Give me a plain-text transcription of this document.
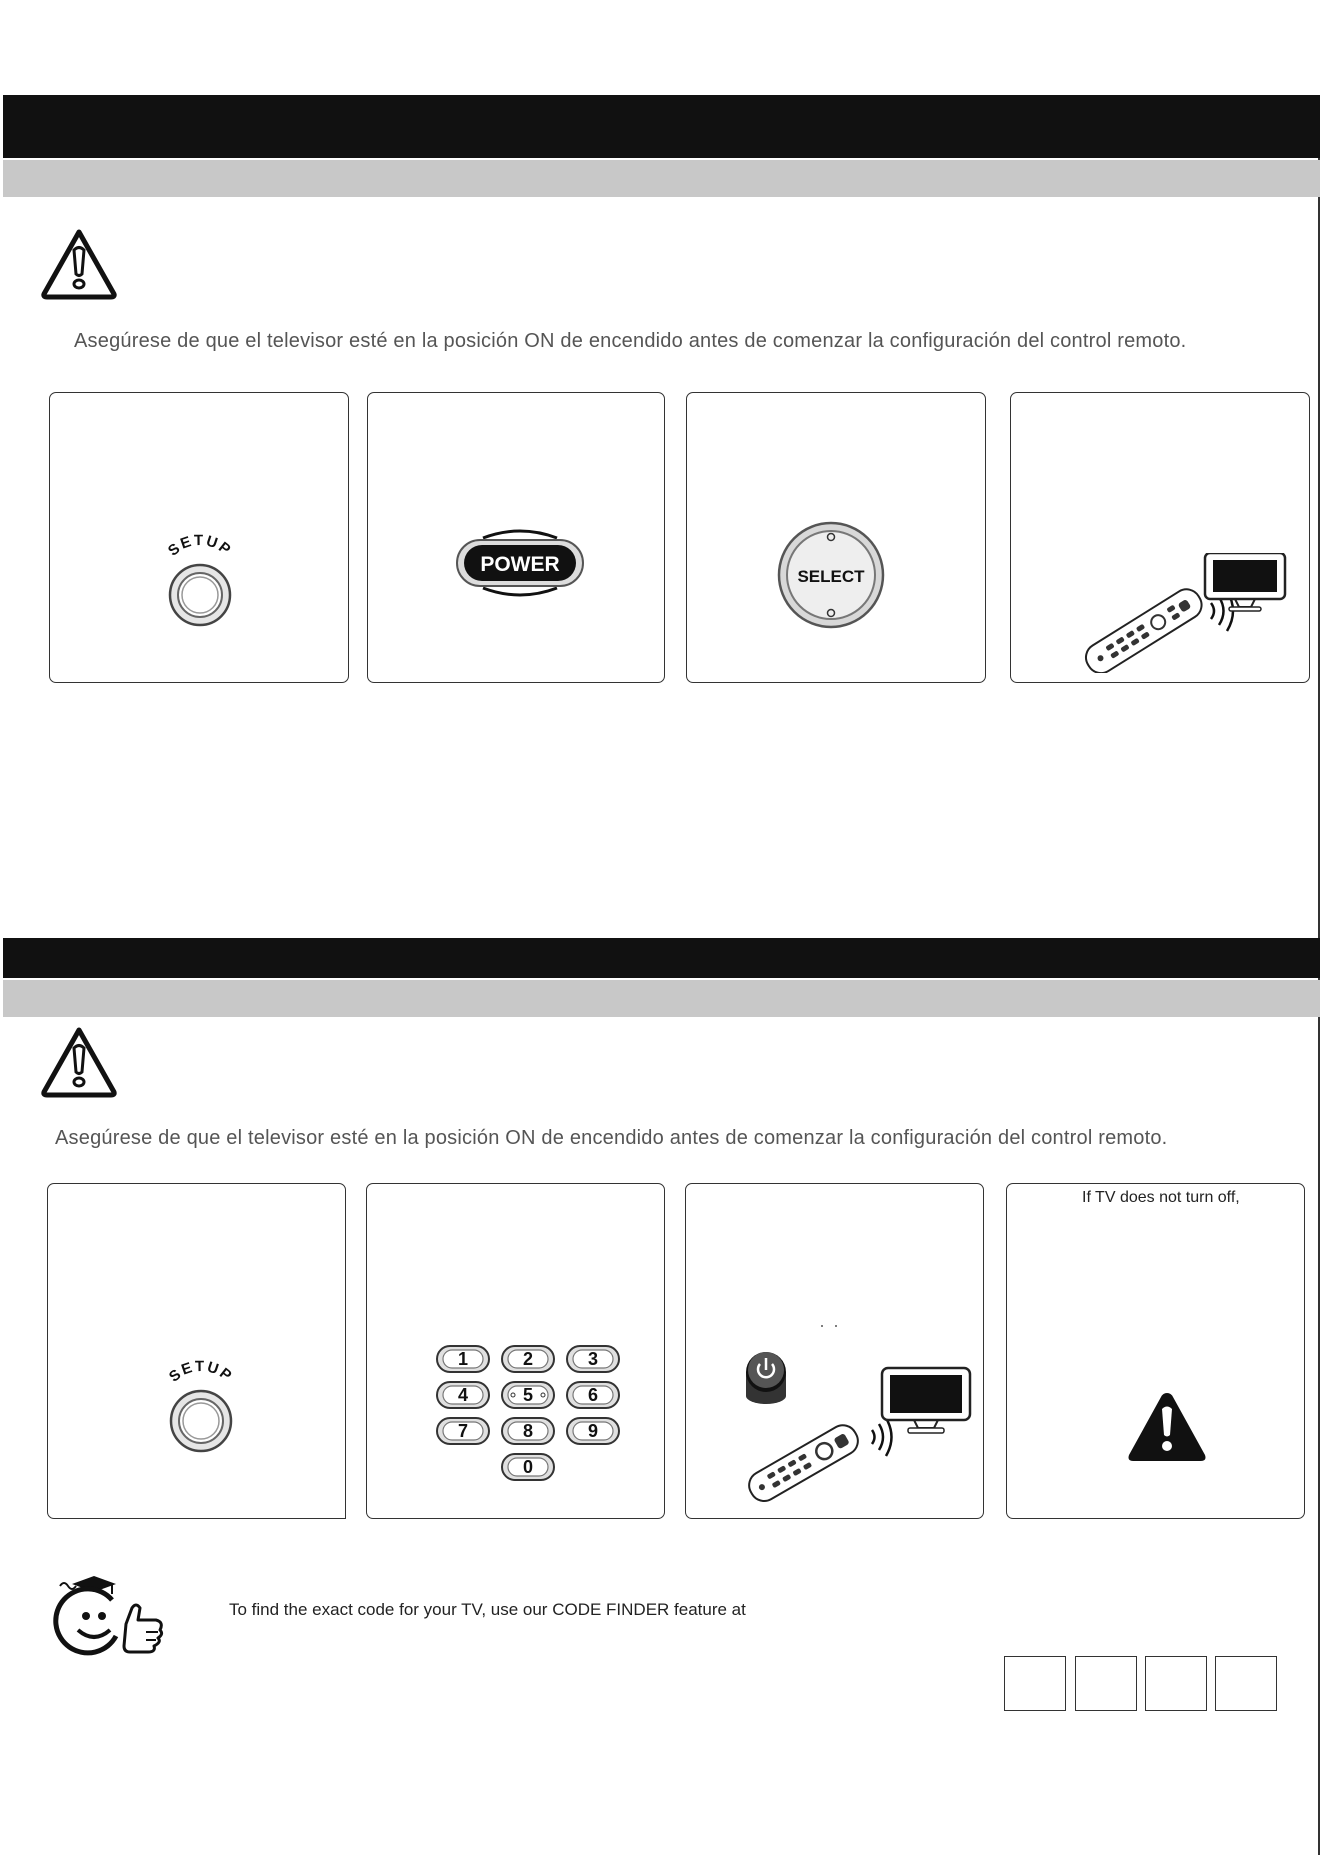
Asegúrese de que el televisor esté en la posición ON de encendido antes de comenzar la configuración del control remoto.
SETUP
POWER
SELECT
Asegúrese de que el televisor esté en la posición ON de encendido antes de comenzar la configuración del control remoto.
SETUP
1	2	3
4	5	6
7	8	9
0
If TV does not turn off,
To find the exact code for your TV, use our CODE FINDER feature at
